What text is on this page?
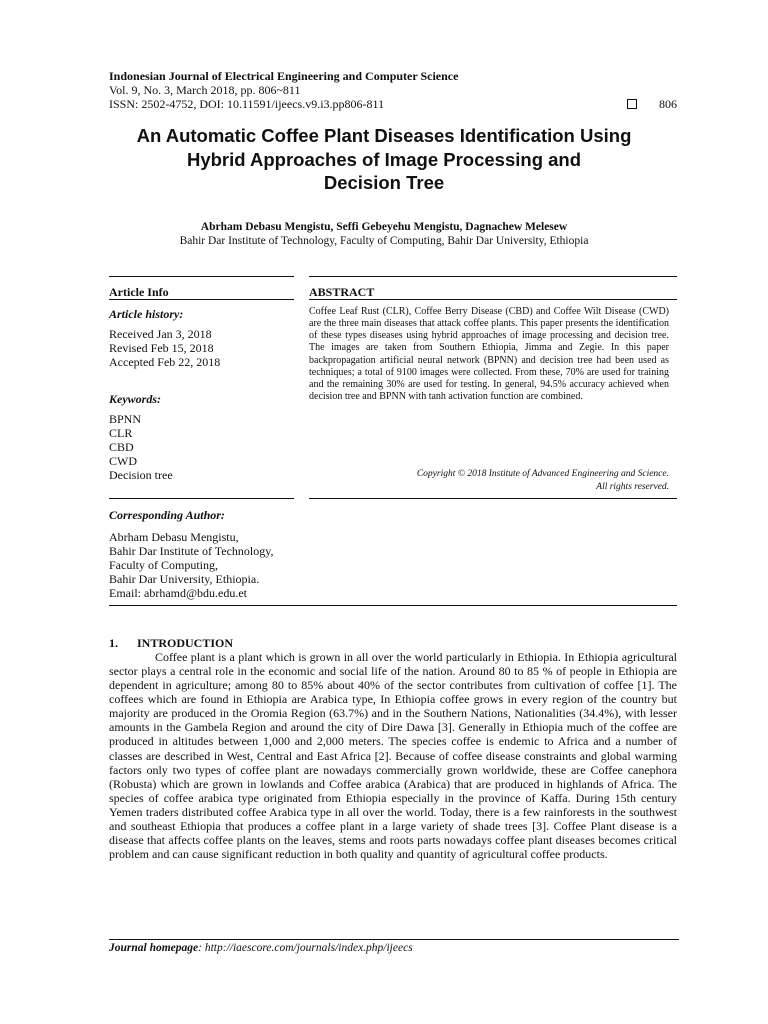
Indonesian Journal of Electrical Engineering and Computer Science
Vol. 9, No. 3, March 2018, pp. 806~811
ISSN: 2502-4752, DOI: 10.11591/ijeecs.v9.i3.pp806-811	806
An Automatic Coffee Plant Diseases Identification Using
Hybrid Approaches of Image Processing and
Decision Tree
Abrham Debasu Mengistu, Seffi Gebeyehu Mengistu, Dagnachew Melesew
Bahir Dar Institute of Technology, Faculty of Computing, Bahir Dar University, Ethiopia
Article Info
Article history:
Received Jan 3, 2018
Revised Feb 15, 2018
Accepted Feb 22, 2018
Keywords:
BPNN
CLR
CBD
CWD
Decision tree
Corresponding Author:
Abrham Debasu Mengistu,
Bahir Dar Institute of Technology,
Faculty of Computing,
Bahir Dar University, Ethiopia.
Email: abrhamd@bdu.edu.et
ABSTRACT
Coffee Leaf Rust (CLR), Coffee Berry Disease (CBD) and Coffee Wilt Disease (CWD) are the three main diseases that attack coffee plants. This paper presents the identification of these types diseases using hybrid approaches of image processing and decision tree. The images are taken from Southern Ethiopia, Jimma and Zegie. In this paper backpropagation artificial neural network (BPNN) and decision tree had been used as techniques; a total of 9100 images were collected. From these, 70% are used for training and the remaining 30% are used for testing. In general, 94.5% accuracy achieved when decision tree and BPNN with tanh activation function are combined.
Copyright © 2018 Institute of Advanced Engineering and Science.
All rights reserved.
1. INTRODUCTION
Coffee plant is a plant which is grown in all over the world particularly in Ethiopia. In Ethiopia agricultural sector plays a central role in the economic and social life of the nation. Around 80 to 85 % of people in Ethiopia are dependent in agriculture; among 80 to 85% about 40% of the sector contributes from cultivation of coffee [1]. The coffees which are found in Ethiopia are Arabica type, In Ethiopia coffee grows in every region of the country but majority are produced in the Oromia Region (63.7%) and in the Southern Nations, Nationalities (34.4%), with lesser amounts in the Gambela Region and around the city of Dire Dawa [3]. Generally in Ethiopia much of the coffee are produced in altitudes between 1,000 and 2,000 meters. The species coffee is endemic to Africa and a number of classes are described in West, Central and East Africa [2]. Because of coffee disease constraints and global warming factors only two types of coffee plant are nowadays commercially grown worldwide, these are Coffee canephora (Robusta) which are grown in lowlands and Coffee arabica (Arabica) that are produced in highlands of Africa. The species of coffee arabica type originated from Ethiopia especially in the province of Kaffa. During 15th century Yemen traders distributed coffee Arabica type in all over the world. Today, there is a few rainforests in the southwest and southeast Ethiopia that produces a coffee plant in a large variety of shade trees [3]. Coffee Plant disease is a disease that affects coffee plants on the leaves, stems and roots parts nowadays coffee plant diseases becomes critical problem and can cause significant reduction in both quality and quantity of agricultural coffee products.
Journal homepage: http://iaescore.com/journals/index.php/ijeecs
